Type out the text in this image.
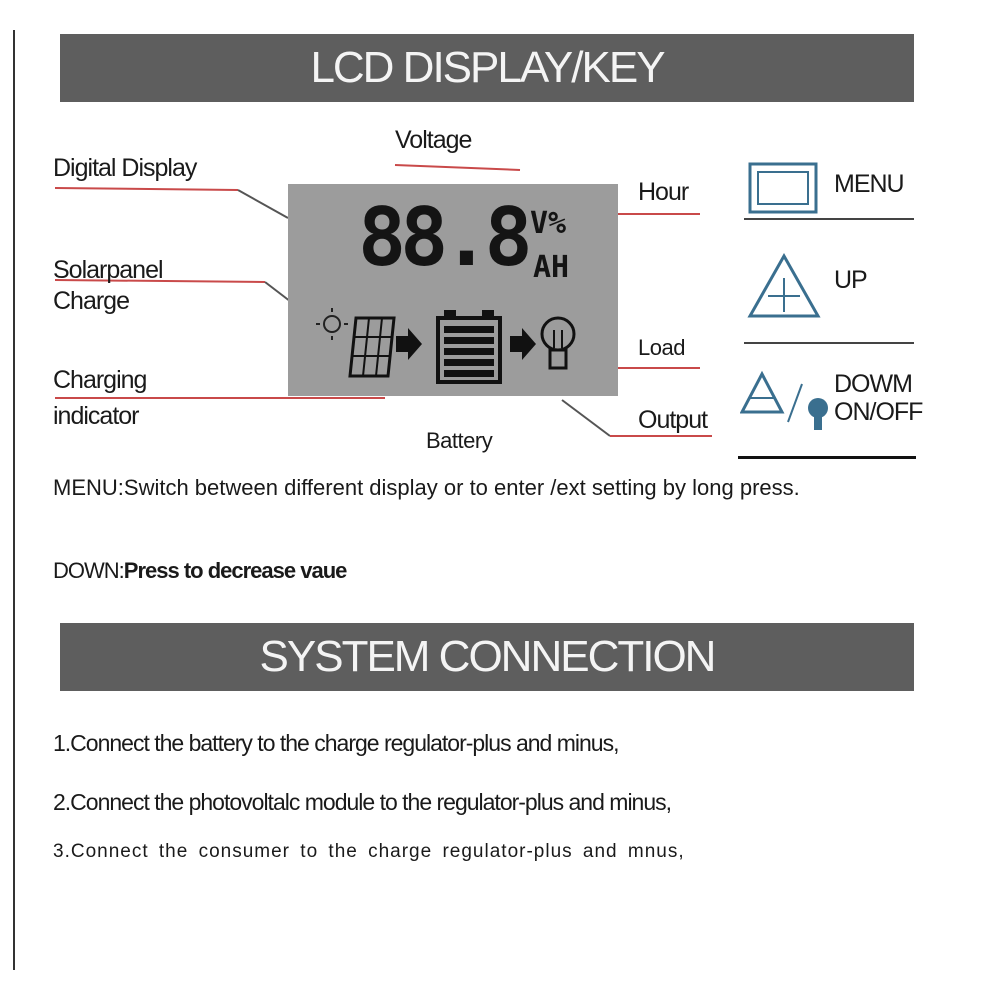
LCD DISPLAY/KEY
Voltage
Digital Display
Solarpanel
Charge
Charging
indicator
Battery
Hour
Load
Output
88.8 V%
AH
MENU
UP
DOWM
ON/OFF
MENU:Switch between different display or to enter /ext setting by long press.
DOWN:Press to decrease vaue
SYSTEM CONNECTION
1.Connect the battery to the charge regulator-plus and minus,
2.Connect the photovoltalc module to the regulator-plus and minus,
3.Connect the consumer to the charge regulator-plus and mnus,
